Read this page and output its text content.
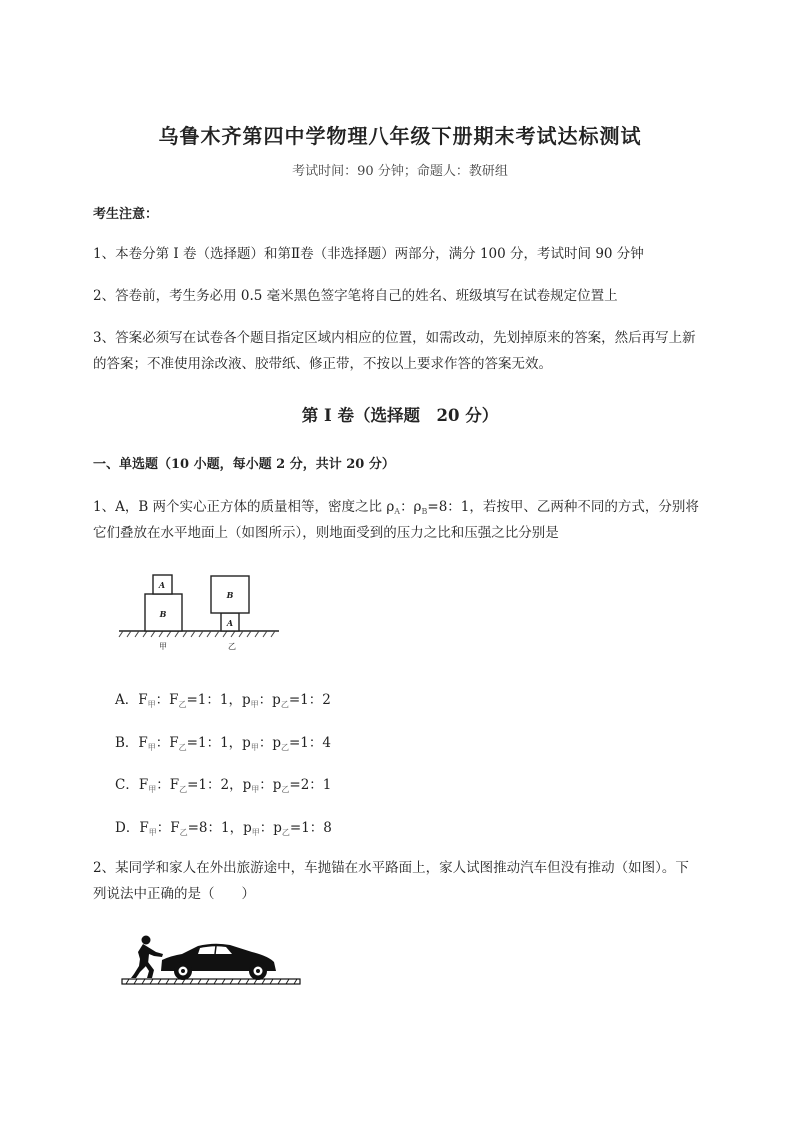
乌鲁木齐第四中学物理八年级下册期末考试达标测试
考试时间：90 分钟；命题人：教研组
考生注意：
1、本卷分第 I 卷（选择题）和第Ⅱ卷（非选择题）两部分，满分 100 分，考试时间 90 分钟
2、答卷前，考生务必用 0.5 毫米黑色签字笔将自己的姓名、班级填写在试卷规定位置上
3、答案必须写在试卷各个题目指定区域内相应的位置，如需改动，先划掉原来的答案，然后再写上新
的答案；不准使用涂改液、胶带纸、修正带，不按以上要求作答的答案无效。
第 I 卷（选择题　20 分）
一、单选题（10 小题，每小题 2 分，共计 20 分）
1、A，B 两个实心正方体的质量相等，密度之比 $\rho_A$：$\rho_B=8$：1，若按甲、乙两种不同的方式，分别将
它们叠放在水平地面上（如图所示），则地面受到的压力之比和压强之比分别是
A
B
A
B
甲	乙
A．$F_甲$：$F_乙=1$：1，$p_甲$：$p_乙=1$：2
B．$F_甲$：$F_乙=1$：1，$p_甲$：$p_乙=1$：4
C．$F_甲$：$F_乙=1$：2，$p_甲$：$p_乙=2$：1
D．$F_甲$：$F_乙=8$：1，$p_甲$：$p_乙=1$：8
2、某同学和家人在外出旅游途中，车抛锚在水平路面上，家人试图推动汽车但没有推动（如图）。下
列说法中正确的是（　　）
